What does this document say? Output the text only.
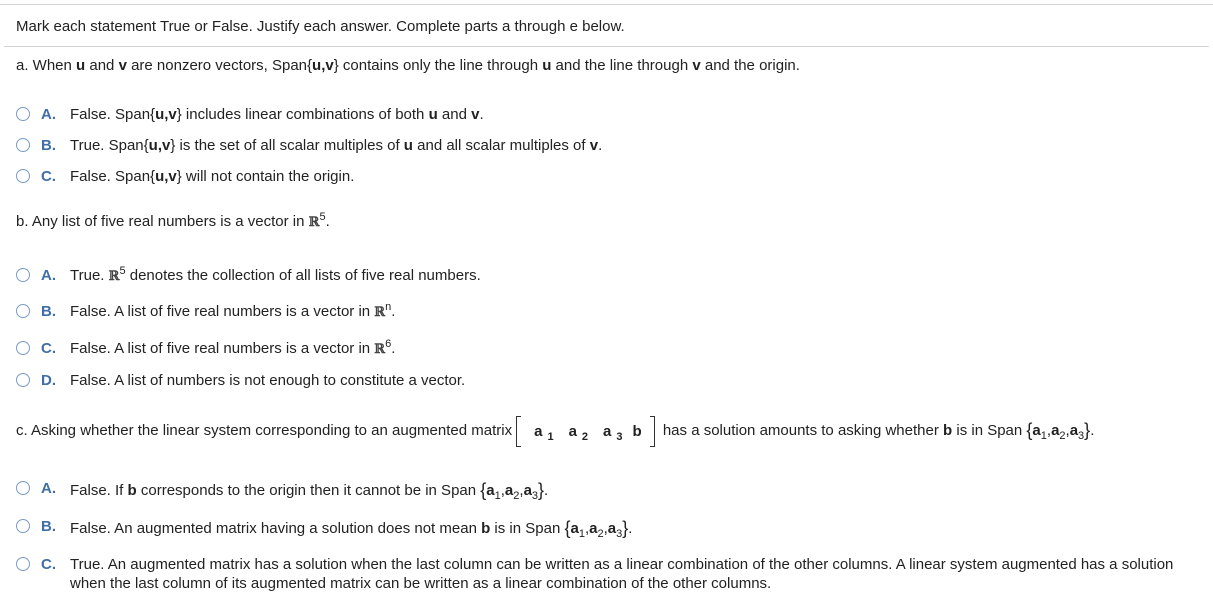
Mark each statement True or False. Justify each answer. Complete parts a through e below.
a. When u and v are nonzero vectors, Span{u,v} contains only the line through u and the line through v and the origin.
A. False. Span{u,v} includes linear combinations of both u and v.
B. True. Span{u,v} is the set of all scalar multiples of u and all scalar multiples of v.
C. False. Span{u,v} will not contain the origin.
b. Any list of five real numbers is a vector in ℝ$^5$.
A. True. ℝ$^5$ denotes the collection of all lists of five real numbers.
B. False. A list of five real numbers is a vector in ℝ$^n$.
C. False. A list of five real numbers is a vector in ℝ$^6$.
D. False. A list of numbers is not enough to constitute a vector.
c. Asking whether the linear system corresponding to an augmented matrix a $_1$ a $_2$ a $_3$ b has a solution amounts to asking whether b is in Span $\{a_1,a_2,a_3\}$.
A. False. If b corresponds to the origin then it cannot be in Span $\{a_1,a_2,a_3\}$.
B. False. An augmented matrix having a solution does not mean b is in Span $\{a_1,a_2,a_3\}$.
C. True. An augmented matrix has a solution when the last column can be written as a linear combination of the other columns. A linear system augmented has a solution when the last column of its augmented matrix can be written as a linear combination of the other columns.
